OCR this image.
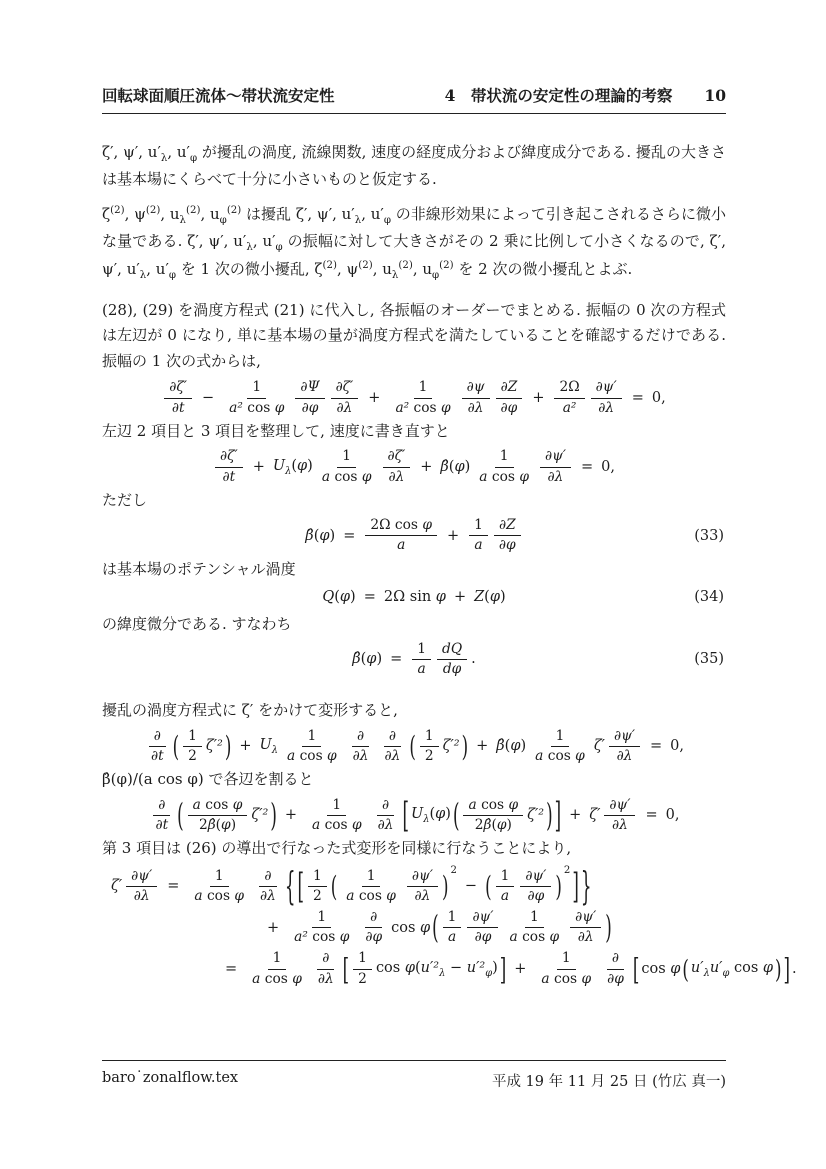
回転球面順圧流体〜帯状流安定性	4　帯状流の安定性の理論的考察 10

ζ′, ψ′, $u'_\lambda$, $u'_\varphi$ が擾乱の渦度, 流線関数, 速度の経度成分および緯度成分である. 擾乱の大きさは基本場にくらべて十分に小さいものと仮定する.

$\zeta^{(2)}$, $\psi^{(2)}$, $u_\lambda^{(2)}$, $u_\varphi^{(2)}$ は擾乱 ζ′, ψ′, $u'_\lambda$, $u'_\varphi$ の非線形効果によって引き起こされるさらに微小な量である. ζ′, ψ′, $u'_\lambda$, $u'_\varphi$ の振幅に対して大きさがその 2 乗に比例して小さくなるので, ζ′, ψ′, $u'_\lambda$, $u'_\varphi$ を 1 次の微小擾乱, $\zeta^{(2)}$, $\psi^{(2)}$, $u_\lambda^{(2)}$, $u_\varphi^{(2)}$ を 2 次の微小擾乱とよぶ.

(28), (29) を渦度方程式 (21) に代入し, 各振幅のオーダーでまとめる. 振幅の 0 次の方程式は左辺が 0 になり, 単に基本場の量が渦度方程式を満たしていることを確認するだけである. 振幅の 1 次の式からは,

$\frac{\partial\zeta'}{\partial t} - \frac{1}{\text{a² cos φ}} \frac{\partial\Psi}{\partial\varphi} \frac{\partial\zeta'}{\partial\lambda} + \frac{1}{\text{a² cos φ}} \frac{\partial\psi}{\partial\lambda} \frac{\partial Z}{\partial\varphi} + \frac{2\Omega}{\text{a²}} \frac{\partial\psi'}{\partial\lambda} = 0$,

左辺 2 項目と 3 項目を整理して, 速度に書き直すと

$\frac{\partial\zeta'}{\partial t} + U_\lambda(\varphi) \frac{1}{\text{a cos φ}} \frac{\partial\zeta'}{\partial\lambda}$ + β̂(φ) $\frac{1}{\text{a cos φ}} \frac{\partial\psi'}{\partial\lambda} = 0$,

ただし

β̂(φ) = $\frac{\text{2Ω cos φ}}{a} + \frac{1}{a} \frac{\partial Z}{\partial\varphi}$	(33)

は基本場のポテンシャル渦度

Q(φ) = 2Ω sin φ + Z(φ)	(34)

の緯度微分である. すなわち

β̂(φ) = $\frac{1}{a} \frac{dQ}{d\varphi}$ .	(35)

擾乱の渦度方程式に ζ′ をかけて変形すると,

$\frac{\partial}{\partial t}$ ( $\frac{1}{2} \zeta'^2$ ) + $U_\lambda \frac{1}{\text{a cos φ}} \frac{\partial}{\partial\lambda} \frac{\partial}{\partial\lambda}$ ( $\frac{1}{2} \zeta'^2$ ) + β̂(φ) $\frac{1}{\text{a cos φ}} \zeta' \frac{\partial\psi'}{\partial\lambda} = 0$,

β̂(φ)/(a cos φ) で各辺を割ると

$\frac{\partial}{\partial t}$ ( $\frac{\text{a cos φ}}{2\betâ(\varphi)} \zeta'^2$ ) + $\frac{1}{\text{a cos φ}} \frac{\partial}{\partial\lambda}$ [ $U_\lambda(\varphi)$ ( $\frac{\text{a cos φ}}{2\betâ(\varphi)} \zeta'^2$ ) ] + $\zeta' \frac{\partial\psi'}{\partial\lambda} = 0$,

第 3 項目は (26) の導出で行なった式変形を同様に行なうことにより,

$\zeta' \frac{\partial\psi'}{\partial\lambda} = \frac{1}{\text{a cos φ}} \frac{\partial}{\partial\lambda}$ { [ $\frac{1}{2}$ ( $\frac{1}{\text{a cos φ}} \frac{\partial\psi'}{\partial\lambda}$ )
2
− ( $\frac{1}{a} \frac{\partial\psi'}{\partial\varphi}$ )
2 ] }
+ $\frac{1}{\text{a² cos φ}} \frac{\partial}{\partial\varphi}$ cos φ ( $\frac{1}{a} \frac{\partial\psi'}{\partial\varphi} \frac{1}{\text{a cos φ}} \frac{\partial\psi'}{\partial\lambda}$ )
= $\frac{1}{\text{a cos φ}} \frac{\partial}{\partial\lambda}$ [ $\frac{1}{2}$ $\cos \varphi(u'^2_\lambda - u'^2_\varphi)$ ] + $\frac{1}{\text{a cos φ}} \frac{\partial}{\partial\varphi}$ [ cos φ ( $u'_\lambda u'_\varphi$ cos φ ) ] .
baro˙zonalflow.tex	平成 19 年 11 月 25 日 (竹広 真一)
